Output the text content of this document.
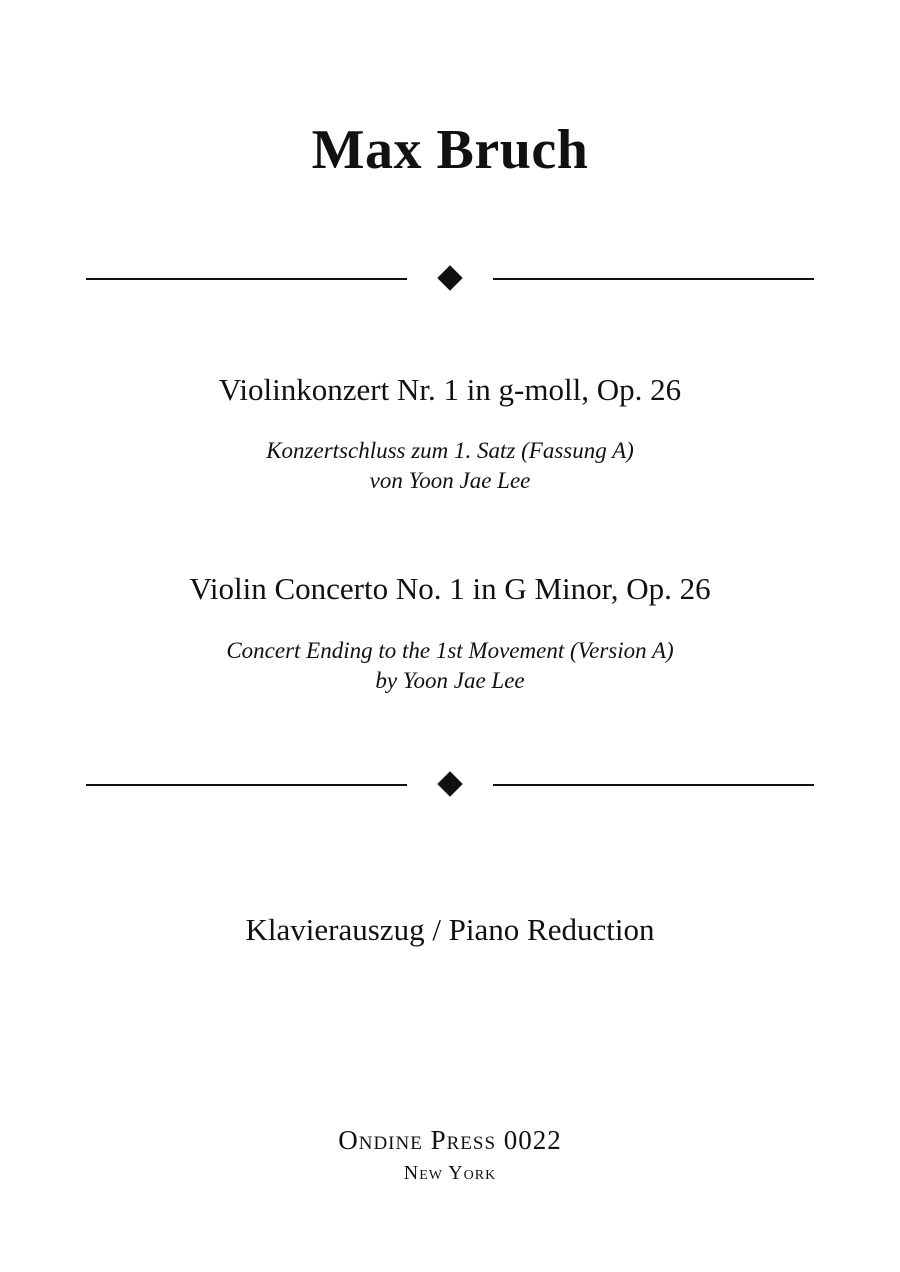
Max Bruch
Violinkonzert Nr. 1 in g-moll, Op. 26
Konzertschluss zum 1. Satz (Fassung A)
von Yoon Jae Lee
Violin Concerto No. 1 in G Minor, Op. 26
Concert Ending to the 1st Movement (Version A)
by Yoon Jae Lee
Klavierauszug / Piano Reduction
Ondine Press 0022
New York
